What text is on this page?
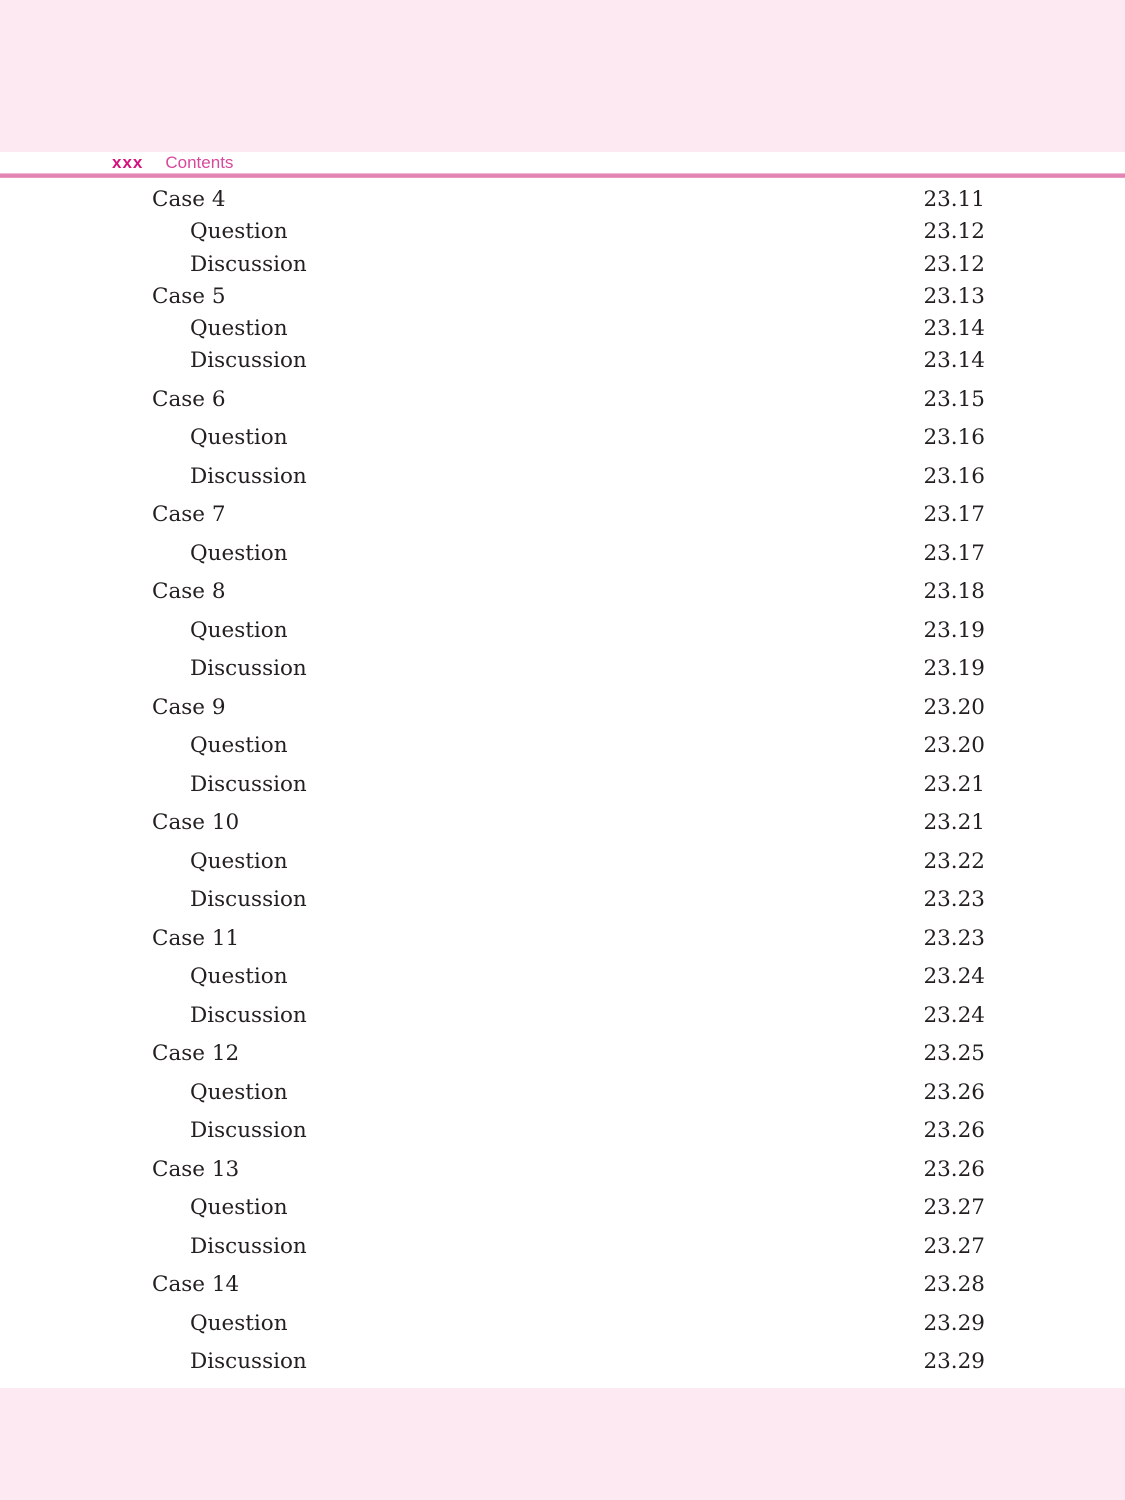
xxx Contents
Case 4	23.11
Question	23.12
Discussion	23.12
Case 5	23.13
Question	23.14
Discussion	23.14
Case 6	23.15
Question	23.16
Discussion	23.16
Case 7	23.17
Question	23.17
Case 8	23.18
Question	23.19
Discussion	23.19
Case 9	23.20
Question	23.20
Discussion	23.21
Case 10	23.21
Question	23.22
Discussion	23.23
Case 11	23.23
Question	23.24
Discussion	23.24
Case 12	23.25
Question	23.26
Discussion	23.26
Case 13	23.26
Question	23.27
Discussion	23.27
Case 14	23.28
Question	23.29
Discussion	23.29
